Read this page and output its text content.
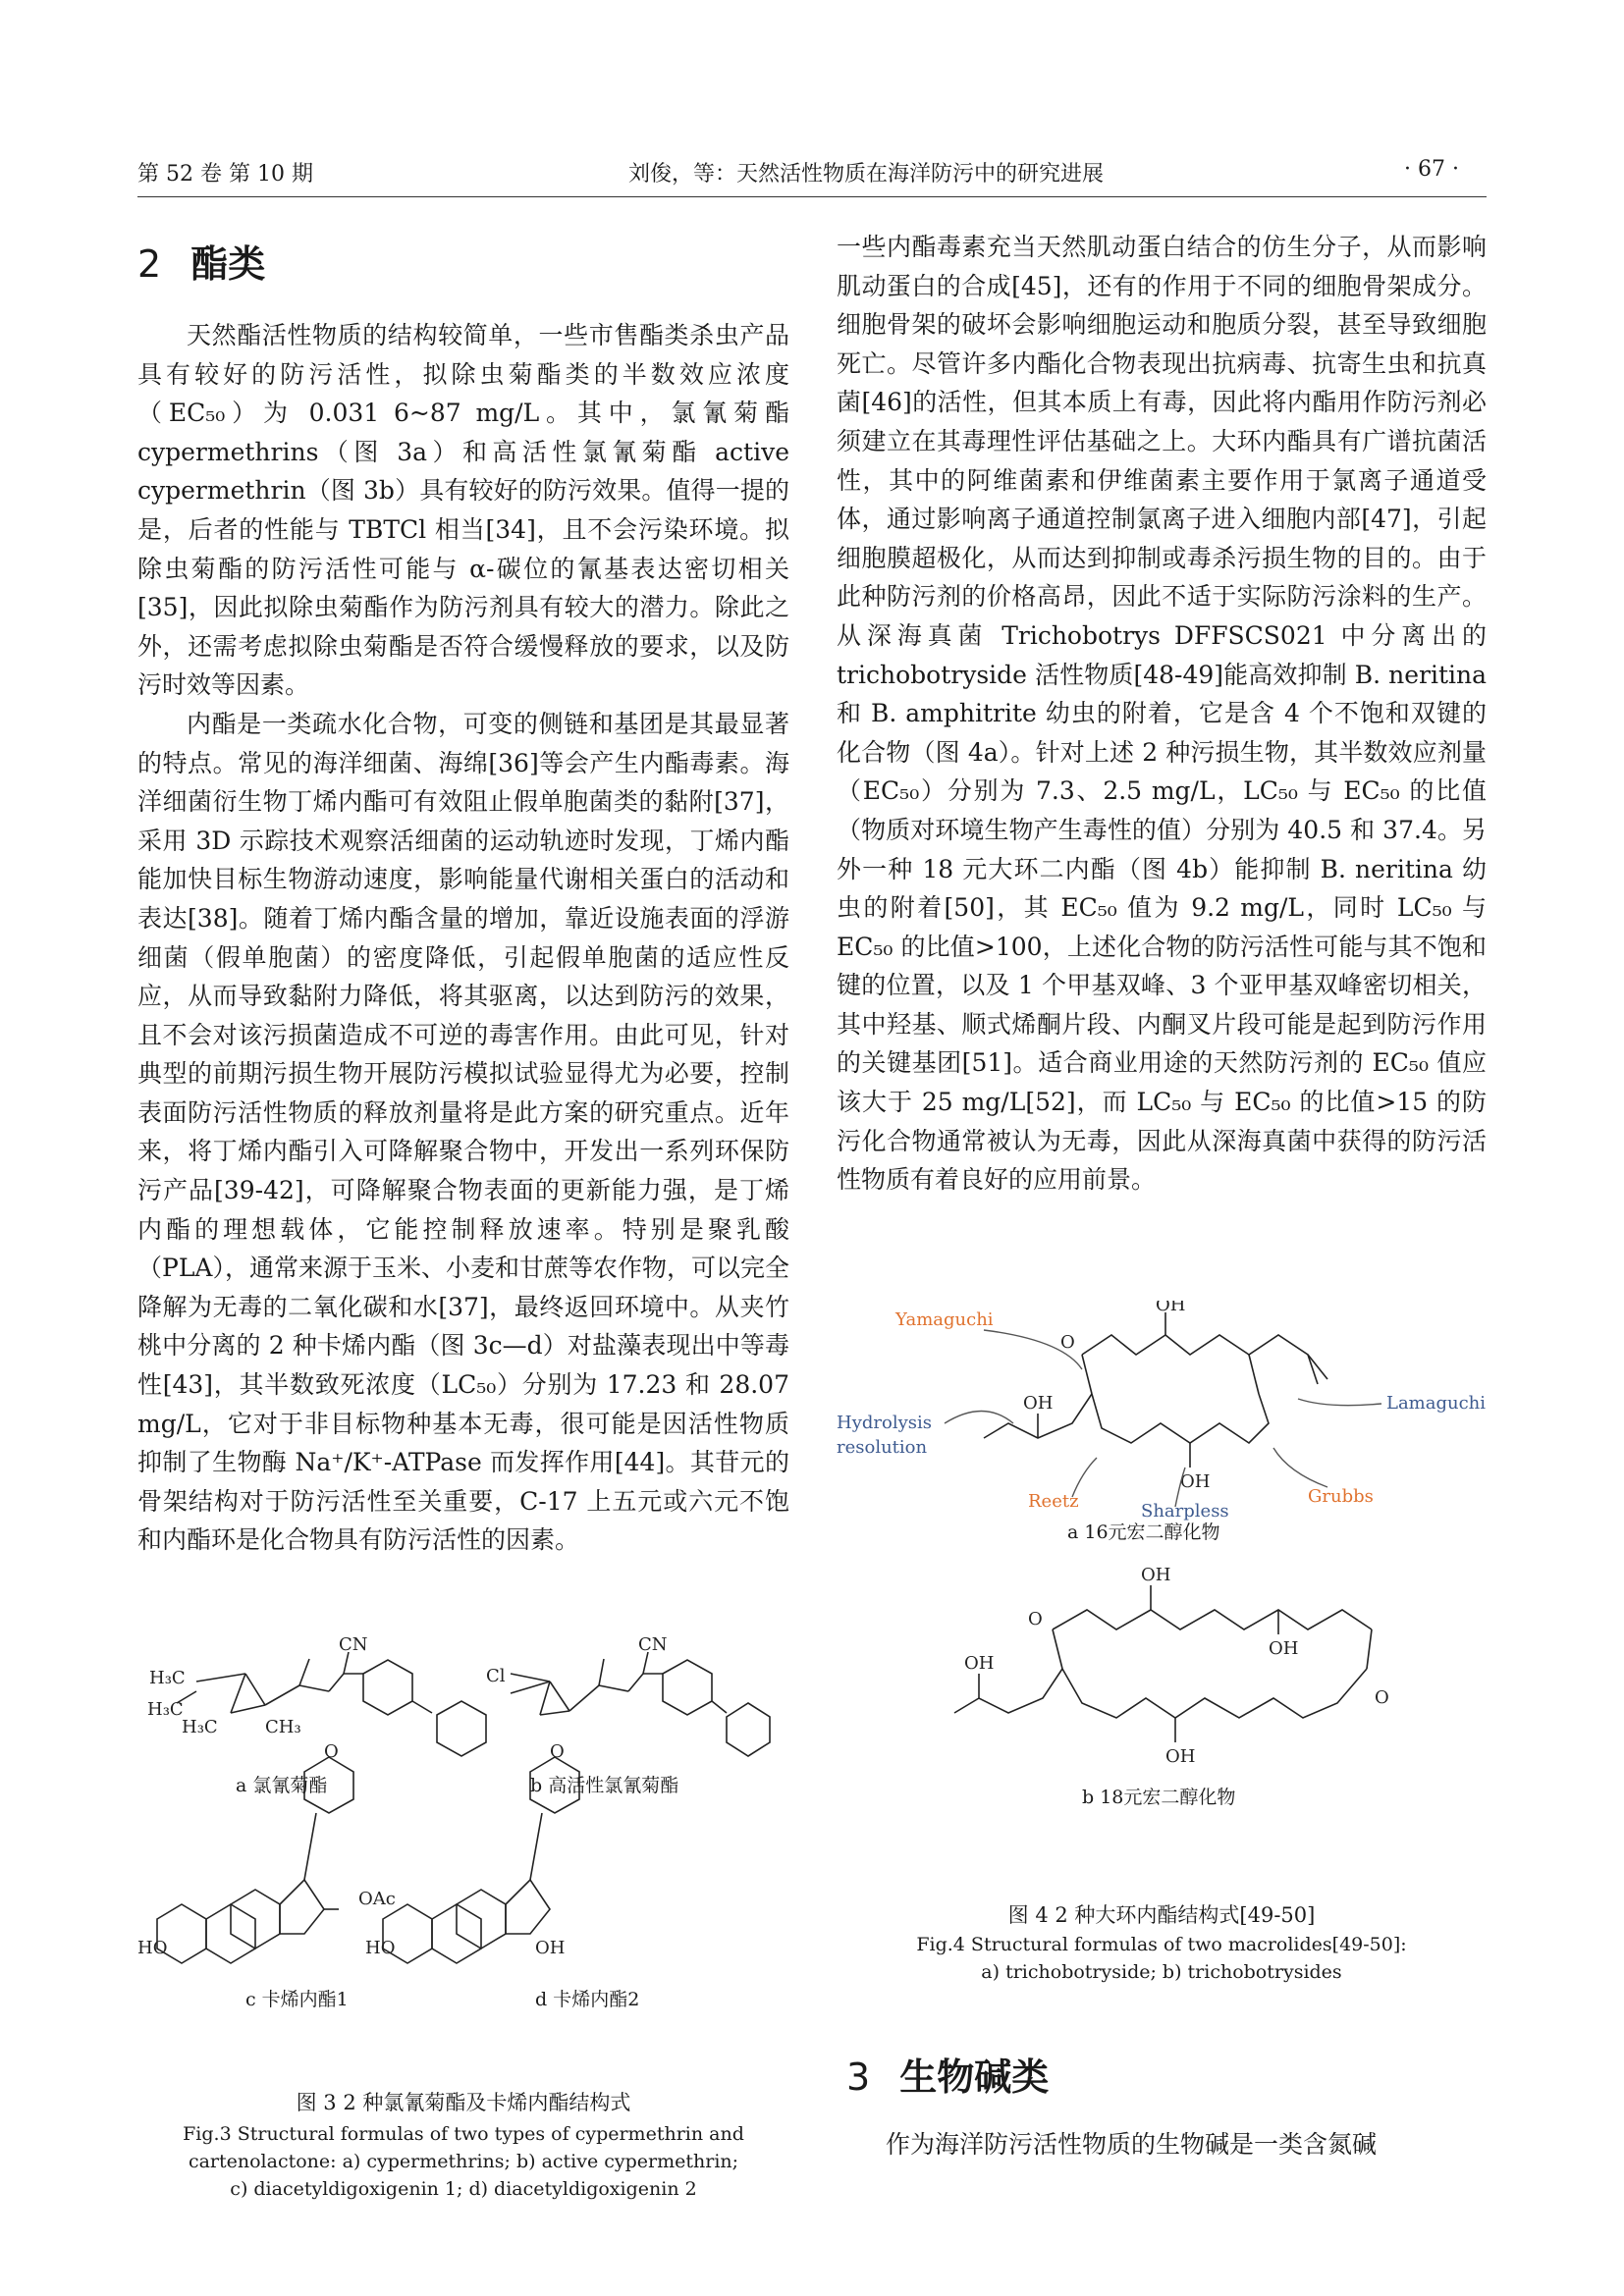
第 52 卷 第 10 期	刘俊，等：天然活性物质在海洋防污中的研究进展	· 67 ·
2 酯类

天然酯活性物质的结构较简单，一些市售酯类杀虫产品具有较好的防污活性，拟除虫菊酯类的半数效应浓度（EC₅₀）为 0.031 6~87 mg/L。其中，氯氰菊酯 cypermethrins（图 3a）和高活性氯氰菊酯 active cypermethrin（图 3b）具有较好的防污效果。值得一提的是，后者的性能与 TBTCl 相当[34]，且不会污染环境。拟除虫菊酯的防污活性可能与 α-碳位的氰基表达密切相关[35]，因此拟除虫菊酯作为防污剂具有较大的潜力。除此之外，还需考虑拟除虫菊酯是否符合缓慢释放的要求，以及防污时效等因素。

内酯是一类疏水化合物，可变的侧链和基团是其最显著的特点。常见的海洋细菌、海绵[36]等会产生内酯毒素。海洋细菌衍生物丁烯内酯可有效阻止假单胞菌类的黏附[37]，采用 3D 示踪技术观察活细菌的运动轨迹时发现，丁烯内酯能加快目标生物游动速度，影响能量代谢相关蛋白的活动和表达[38]。随着丁烯内酯含量的增加，靠近设施表面的浮游细菌（假单胞菌）的密度降低，引起假单胞菌的适应性反应，从而导致黏附力降低，将其驱离，以达到防污的效果，且不会对该污损菌造成不可逆的毒害作用。由此可见，针对典型的前期污损生物开展防污模拟试验显得尤为必要，控制表面防污活性物质的释放剂量将是此方案的研究重点。近年来，将丁烯内酯引入可降解聚合物中，开发出一系列环保防污产品[39-42]，可降解聚合物表面的更新能力强，是丁烯内酯的理想载体，它能控制释放速率。特别是聚乳酸（PLA），通常来源于玉米、小麦和甘蔗等农作物，可以完全降解为无毒的二氧化碳和水[37]，最终返回环境中。从夹竹桃中分离的 2 种卡烯内酯（图 3c—d）对盐藻表现出中等毒性[43]，其半数致死浓度（LC₅₀）分别为 17.23 和 28.07 mg/L，它对于非目标物种基本无毒，很可能是因活性物质抑制了生物酶 Na⁺/K⁺-ATPase 而发挥作用[44]。其苷元的骨架结构对于防污活性至关重要，C-17 上五元或六元不饱和内酯环是化合物具有防污活性的因素。

一些内酯毒素充当天然肌动蛋白结合的仿生分子，从而影响肌动蛋白的合成[45]，还有的作用于不同的细胞骨架成分。细胞骨架的破坏会影响细胞运动和胞质分裂，甚至导致细胞死亡。尽管许多内酯化合物表现出抗病毒、抗寄生虫和抗真菌[46]的活性，但其本质上有毒，因此将内酯用作防污剂必须建立在其毒理性评估基础之上。大环内酯具有广谱抗菌活性，其中的阿维菌素和伊维菌素主要作用于氯离子通道受体，通过影响离子通道控制氯离子进入细胞内部[47]，引起细胞膜超极化，从而达到抑制或毒杀污损生物的目的。由于此种防污剂的价格高昂，因此不适于实际防污涂料的生产。从深海真菌 Trichobotrys DFFSCS021 中分离出的 trichobotryside 活性物质[48-49]能高效抑制 B. neritina 和 B. amphitrite 幼虫的附着，它是含 4 个不饱和双键的化合物（图 4a）。针对上述 2 种污损生物，其半数效应剂量（EC₅₀）分别为 7.3、2.5 mg/L，LC₅₀ 与 EC₅₀ 的比值（物质对环境生物产生毒性的值）分别为 40.5 和 37.4。另外一种 18 元大环二内酯（图 4b）能抑制 B. neritina 幼虫的附着[50]，其 EC₅₀ 值为 9.2 mg/L，同时 LC₅₀ 与 EC₅₀ 的比值>100，上述化合物的防污活性可能与其不饱和键的位置，以及 1 个甲基双峰、3 个亚甲基双峰密切相关，其中羟基、顺式烯酮片段、内酮叉片段可能是起到防污作用的关键基团[51]。适合商业用途的天然防污剂的 EC₅₀ 值应该大于 25 mg/L[52]，而 LC₅₀ 与 EC₅₀ 的比值>15 的防污化合物通常被认为无毒，因此从深海真菌中获得的防污活性物质有着良好的应用前景。

H₃C
H₃C
H₃C	CH₃
CN
Cl
CN
HO
OAc
HO	OH
O	O
a 氯氰菊酯	b 高活性氯氰菊酯
c 卡烯内酯1	d 卡烯内酯2
图 3 2 种氯氰菊酯及卡烯内酯结构式
Fig.3 Structural formulas of two types of cypermethrin and
cartenolactone: a) cypermethrins; b) active cypermethrin;
c) diacetyldigoxigenin 1; d) diacetyldigoxigenin 2
O
OH
OH
OH
Yamaguchi
Lamaguchi
Hydrolysis
resolution
Reetz	Sharpless
Grubbs
a 16元宏二醇化物
OH
OH
OH
OH
O
O
b 18元宏二醇化物
图 4 2 种大环内酯结构式[49-50]
Fig.4 Structural formulas of two macrolides[49-50]:
a) trichobotryside; b) trichobotrysides
3 生物碱类

作为海洋防污活性物质的生物碱是一类含氮碱
